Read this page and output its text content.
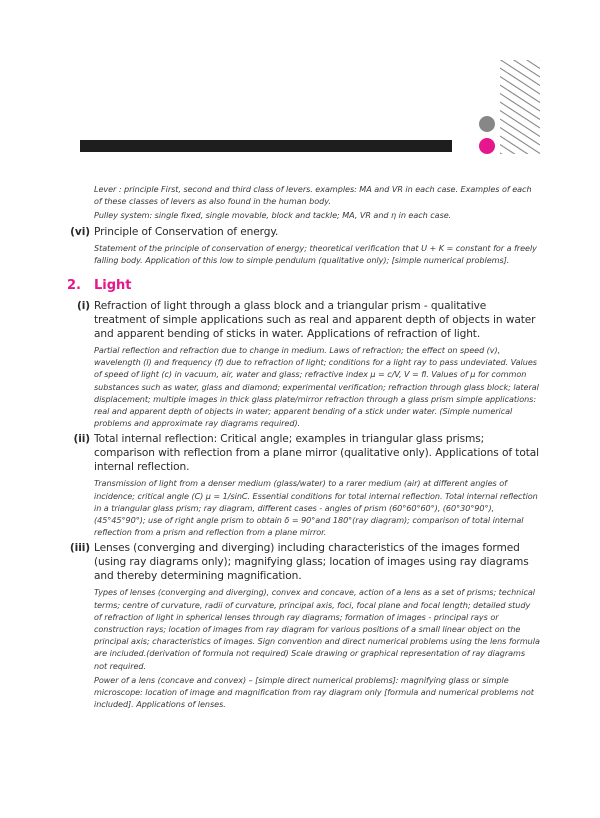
Lever : principle First, second and third class of levers. examples: MA and VR in each case. Examples of each of these classes of levers as also found in the human body.

Pulley system: single fixed, single movable, block and tackle; MA, VR and η in each case.

(vi) Principle of Conservation of energy.

Statement of the principle of conservation of energy; theoretical verification that U + K = constant for a freely falling body. Application of this low to simple pendulum (qualitative only); [simple numerical problems].

2.	Light
(i) Refraction of light through a glass block and a triangular prism - qualitative treatment of simple applications such as real and apparent depth of objects in water and apparent bending of sticks in water. Applications of refraction of light.

Partial reflection and refraction due to change in medium. Laws of refraction; the effect on speed (v), wavelength (l) and frequency (f) due to refraction of light; conditions for a light ray to pass undeviated. Values of speed of light (c) in vacuum, air, water and glass; refractive index μ = c/V, V = fl. Values of μ for common substances such as water, glass and diamond; experimental verification; refraction through glass block; lateral displacement; multiple images in thick glass plate/mirror refraction through a glass prism simple applications: real and apparent depth of objects in water; apparent bending of a stick under water. (Simple numerical problems and approximate ray diagrams required).

(ii) Total internal reflection: Critical angle; examples in triangular glass prisms; comparison with reflection from a plane mirror (qualitative only). Applications of total internal reflection.

Transmission of light from a denser medium (glass/water) to a rarer medium (air) at different angles of incidence; critical angle (C) μ = 1/sinC. Essential conditions for total internal reflection. Total internal reflection in a triangular glass prism; ray diagram, different cases - angles of prism (60°60°60°), (60°30°90°), (45°45°90°); use of right angle prism to obtain δ = 90°and 180°(ray diagram); comparison of total internal reflection from a prism and reflection from a plane mirror.

(iii) Lenses (converging and diverging) including characteristics of the images formed (using ray diagrams only); magnifying glass; location of images using ray diagrams and thereby determining magnification.

Types of lenses (converging and diverging), convex and concave, action of a lens as a set of prisms; technical terms; centre of curvature, radii of curvature, principal axis, foci, focal plane and focal length; detailed study of refraction of light in spherical lenses through ray diagrams; formation of images - principal rays or construction rays; location of images from ray diagram for various positions of a small linear object on the principal axis; characteristics of images. Sign convention and direct numerical problems using the lens formula are included.(derivation of formula not required) Scale drawing or graphical representation of ray diagrams not required.

Power of a lens (concave and convex) – [simple direct numerical problems]: magnifying glass or simple microscope: location of image and magnification from ray diagram only [formula and numerical problems not included]. Applications of lenses.
